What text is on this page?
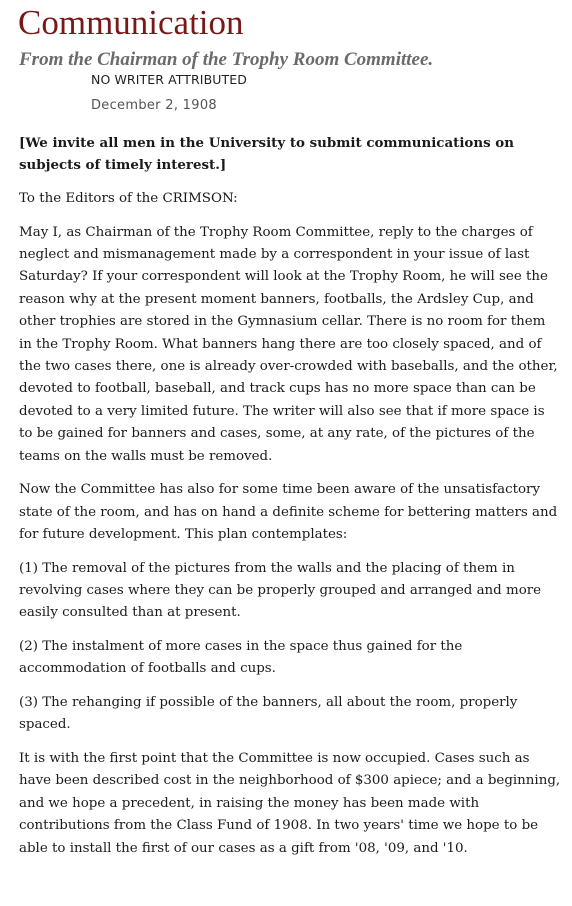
Communication
From the Chairman of the Trophy Room Committee.
NO WRITER ATTRIBUTED
December 2, 1908

[We invite all men in the University to submit communications on subjects of timely interest.]

To the Editors of the CRIMSON:

May I, as Chairman of the Trophy Room Committee, reply to the charges of neglect and mismanagement made by a correspondent in your issue of last Saturday? If your correspondent will look at the Trophy Room, he will see the reason why at the present moment banners, footballs, the Ardsley Cup, and other trophies are stored in the Gymnasium cellar. There is no room for them in the Trophy Room. What banners hang there are too closely spaced, and of the two cases there, one is already over-crowded with baseballs, and the other, devoted to football, baseball, and track cups has no more space than can be devoted to a very limited future. The writer will also see that if more space is to be gained for banners and cases, some, at any rate, of the pictures of the teams on the walls must be removed.

Now the Committee has also for some time been aware of the unsatisfactory state of the room, and has on hand a definite scheme for bettering matters and for future development. This plan contemplates:

(1) The removal of the pictures from the walls and the placing of them in revolving cases where they can be properly grouped and arranged and more easily consulted than at present.

(2) The instalment of more cases in the space thus gained for the accommodation of footballs and cups.

(3) The rehanging if possible of the banners, all about the room, properly spaced.

It is with the first point that the Committee is now occupied. Cases such as have been described cost in the neighborhood of $300 apiece; and a beginning, and we hope a precedent, in raising the money has been made with contributions from the Class Fund of 1908. In two years' time we hope to be able to install the first of our cases as a gift from '08, '09, and '10.
